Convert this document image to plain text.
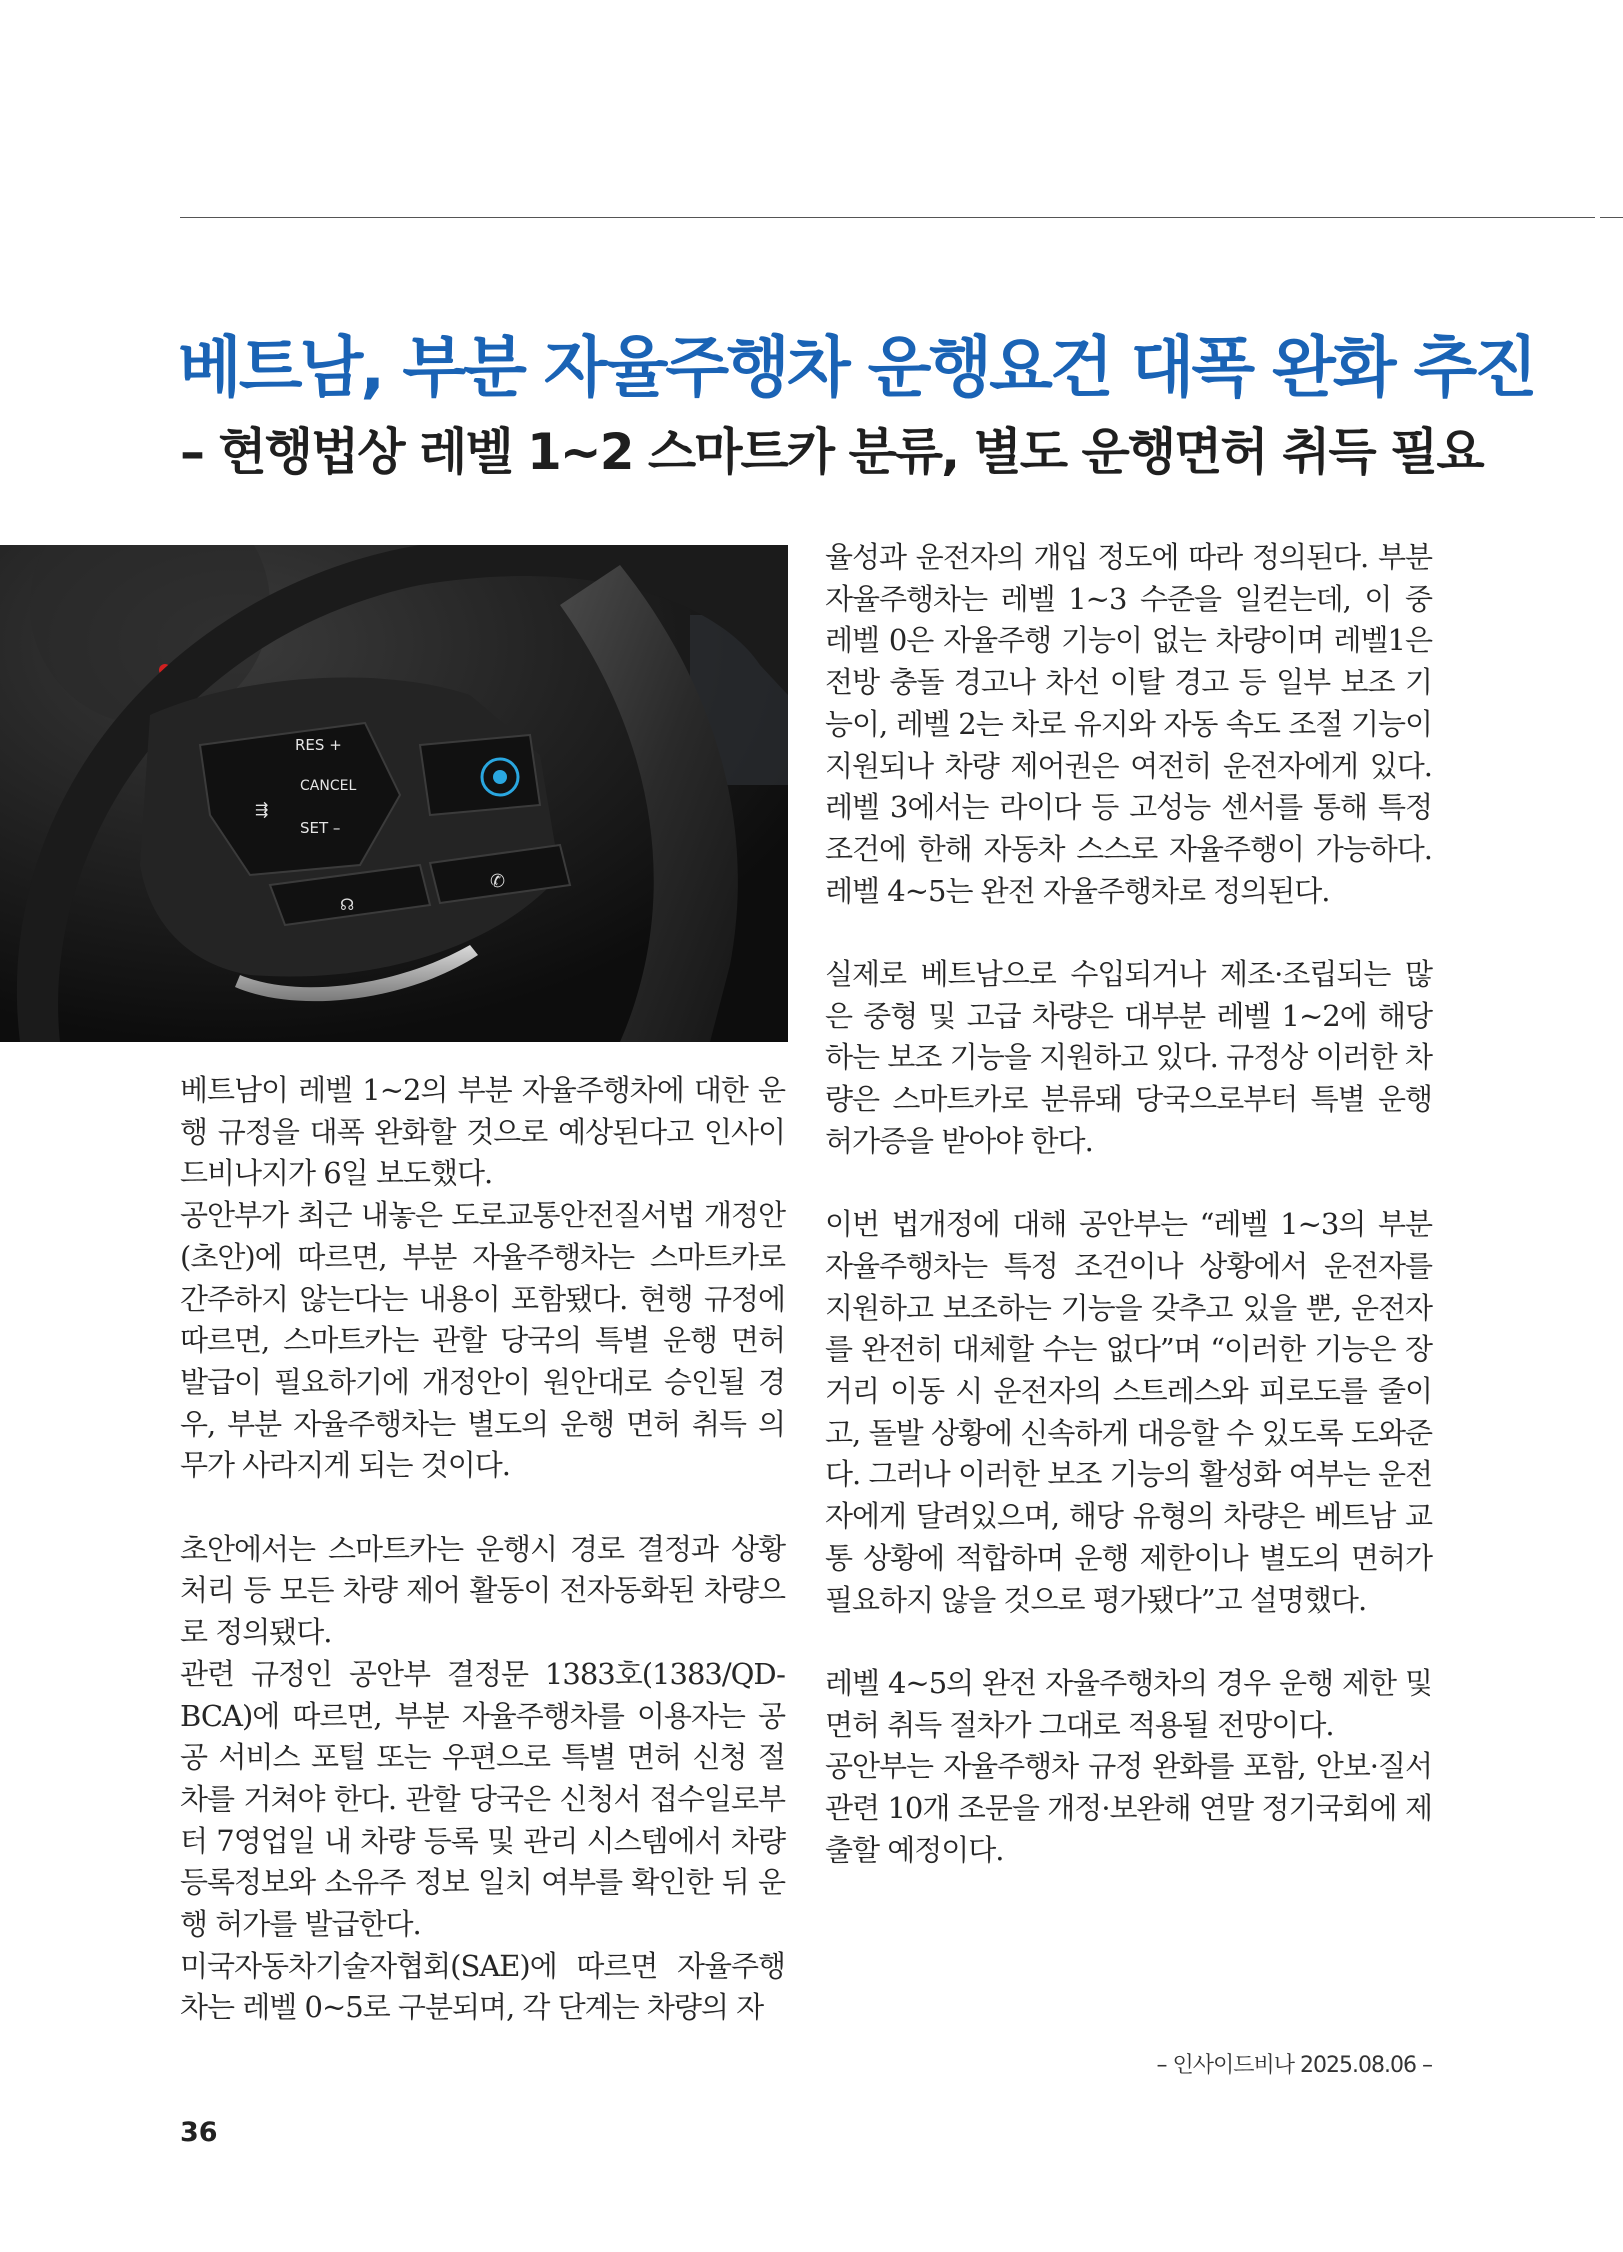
베트남, 부분 자율주행차 운행요건 대폭 완화 추진
– 현행법상 레벨 1~2 스마트카 분류, 별도 운행면허 취득 필요
RES +
CANCEL
SET –
⇶
☊
✆

베트남이 레벨 1~2의 부분 자율주행차에 대한 운행 규정을 대폭 완화할 것으로 예상된다고 인사이드비나지가 6일 보도했다.

공안부가 최근 내놓은 도로교통안전질서법 개정안(초안)에 따르면, 부분 자율주행차는 스마트카로 간주하지 않는다는 내용이 포함됐다. 현행 규정에 따르면, 스마트카는 관할 당국의 특별 운행 면허 발급이 필요하기에 개정안이 원안대로 승인될 경우, 부분 자율주행차는 별도의 운행 면허 취득 의무가 사라지게 되는 것이다.

초안에서는 스마트카는 운행시 경로 결정과 상황 처리 등 모든 차량 제어 활동이 전자동화된 차량으로 정의됐다.

관련 규정인 공안부 결정문 1383호(1383/QD-BCA)에 따르면, 부분 자율주행차를 이용자는 공공 서비스 포털 또는 우편으로 특별 면허 신청 절차를 거쳐야 한다. 관할 당국은 신청서 접수일로부터 7영업일 내 차량 등록 및 관리 시스템에서 차량등록정보와 소유주 정보 일치 여부를 확인한 뒤 운행 허가를 발급한다.

미국자동차기술자협회(SAE)에 따르면 자율주행차는 레벨 0~5로 구분되며, 각 단계는 차량의 자

율성과 운전자의 개입 정도에 따라 정의된다. 부분 자율주행차는 레벨 1~3 수준을 일컫는데, 이 중 레벨 0은 자율주행 기능이 없는 차량이며 레벨1은 전방 충돌 경고나 차선 이탈 경고 등 일부 보조 기능이, 레벨 2는 차로 유지와 자동 속도 조절 기능이 지원되나 차량 제어권은 여전히 운전자에게 있다. 레벨 3에서는 라이다 등 고성능 센서를 통해 특정 조건에 한해 자동차 스스로 자율주행이 가능하다. 레벨 4~5는 완전 자율주행차로 정의된다.

실제로 베트남으로 수입되거나 제조·조립되는 많은 중형 및 고급 차량은 대부분 레벨 1~2에 해당하는 보조 기능을 지원하고 있다. 규정상 이러한 차량은 스마트카로 분류돼 당국으로부터 특별 운행 허가증을 받아야 한다.

이번 법개정에 대해 공안부는 “레벨 1~3의 부분 자율주행차는 특정 조건이나 상황에서 운전자를 지원하고 보조하는 기능을 갖추고 있을 뿐, 운전자를 완전히 대체할 수는 없다”며 “이러한 기능은 장거리 이동 시 운전자의 스트레스와 피로도를 줄이고, 돌발 상황에 신속하게 대응할 수 있도록 도와준다. 그러나 이러한 보조 기능의 활성화 여부는 운전자에게 달려있으며, 해당 유형의 차량은 베트남 교통 상황에 적합하며 운행 제한이나 별도의 면허가 필요하지 않을 것으로 평가됐다”고 설명했다.

레벨 4~5의 완전 자율주행차의 경우 운행 제한 및 면허 취득 절차가 그대로 적용될 전망이다.

공안부는 자율주행차 규정 완화를 포함, 안보·질서 관련 10개 조문을 개정·보완해 연말 정기국회에 제출할 예정이다.

– 인사이드비나 2025.08.06 –
36
